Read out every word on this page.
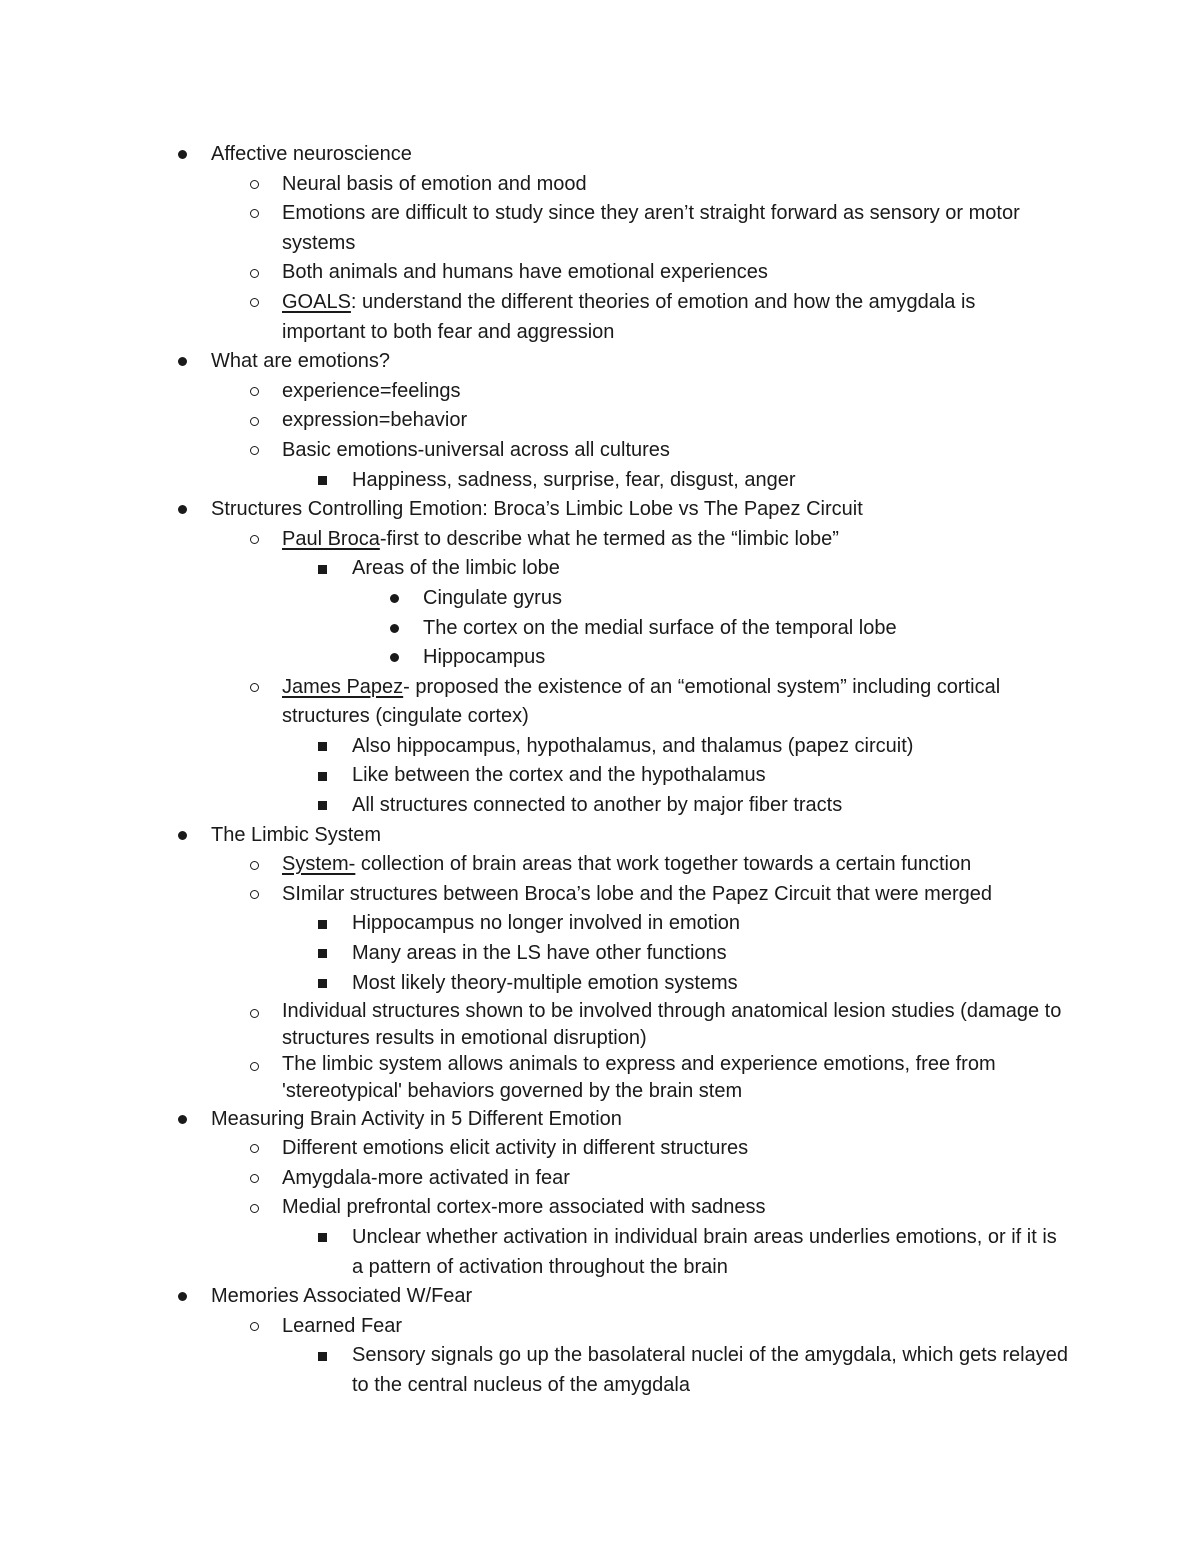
Affective neuroscience
Neural basis of emotion and mood
Emotions are difficult to study since they aren’t straight forward as sensory or motor systems
Both animals and humans have emotional experiences
GOALS: understand the different theories of emotion and how the amygdala is important to both fear and aggression
What are emotions?
experience=feelings
expression=behavior
Basic emotions-universal across all cultures
Happiness, sadness, surprise, fear, disgust, anger
Structures Controlling Emotion: Broca’s Limbic Lobe vs The Papez Circuit
Paul Broca-first to describe what he termed as the “limbic lobe”
Areas of the limbic lobe
Cingulate gyrus
The cortex on the medial surface of the temporal lobe
Hippocampus
James Papez- proposed the existence of an “emotional system” including cortical structures (cingulate cortex)
Also hippocampus, hypothalamus, and thalamus (papez circuit)
Like between the cortex and the hypothalamus
All structures connected to another by major fiber tracts
The Limbic System
System- collection of brain areas that work together towards a certain function
SImilar structures between Broca’s lobe and the Papez Circuit that were merged
Hippocampus no longer involved in emotion
Many areas in the LS have other functions
Most likely theory-multiple emotion systems
Individual structures shown to be involved through anatomical lesion studies (damage to structures results in emotional disruption)
The limbic system allows animals to express and experience emotions, free from 'stereotypical' behaviors governed by the brain stem
Measuring Brain Activity in 5 Different Emotion
Different emotions elicit activity in different structures
Amygdala-more activated in fear
Medial prefrontal cortex-more associated with sadness
Unclear whether activation in individual brain areas underlies emotions, or if it is a pattern of activation throughout the brain
Memories Associated W/Fear
Learned Fear
Sensory signals go up the basolateral nuclei of the amygdala, which gets relayed to the central nucleus of the amygdala
